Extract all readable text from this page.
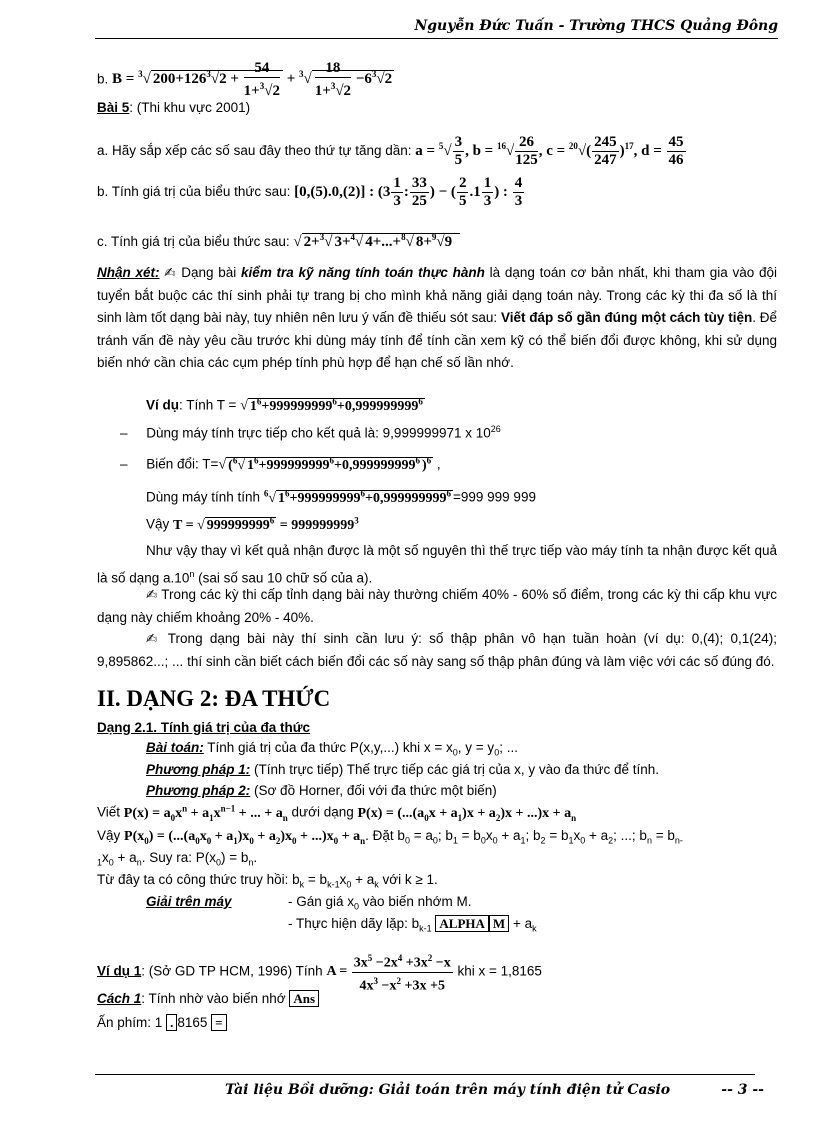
Nguyễn Đức Tuấn - Trường THCS Quảng Đông
b. B = $^3$√ $200+126^3√2 + \frac{54}{1+^3√2} + ^3√ \frac{18}{1+^3√2} -6^3√2$
Bài 5: (Thi khu vực 2001)
a. Hãy sắp xếp các số sau đây theo thứ tự tăng dần: $a = ^5√ \frac{3}{5}$ , $b = ^{16}√ \frac{26}{125}$ , $c = ^{20}√( \frac{245}{247} )^{17}$, $d = \frac{45}{46}$
b. Tính giá trị của biểu thức sau: [0,(5).0,(2)] : ($3 \frac{1}{3}$ : $\frac{33}{25}$ ) − ( $\frac{2}{5} .1 \frac{1}{3}$ ) : $\frac{4}{3}$
c. Tính giá trị của biểu thức sau: √ 2+$^3$√ 3+$^4$√ 4+...+$^8$√ 8+$^9$√9
Nhận xét: ✍ Dạng bài kiểm tra kỹ năng tính toán thực hành là dạng toán cơ bản nhất, khi tham gia vào đội tuyển bắt buộc các thí sinh phải tự trang bị cho mình khả năng giải dạng toán này. Trong các kỳ thi đa số là thí sinh làm tốt dạng bài này, tuy nhiên nên lưu ý vấn đề thiếu sót sau: Viết đáp số gần đúng một cách tùy tiện. Để tránh vấn đề này yêu cầu trước khi dùng máy tính để tính cần xem kỹ có thể biến đổi được không, khi sử dụng biến nhớ cần chia các cụm phép tính phù hợp để hạn chế số lần nhớ.
Ví dụ: Tính T = √ $1^6+999999999^6+0,999999999^6$
–     Dùng máy tính trực tiếp cho kết quả là: 9,999999971 x $10^{26}$
–     Biến đổi: T=√ ($^6$√ $1^6+999999999^6+0,999999999^6$ )$^6$ ,
Dùng máy tính tính $^6$√ $1^6+999999999^6+0,999999999^6 =999$ 999 999
Vậy T = √ $999999999^6 = 999999999^3$
Như vậy thay vì kết quả nhận được là một số nguyên thì thế trực tiếp vào máy tính ta nhận được kết quả là số dạng a.10$^n$ (sai số sau 10 chữ số của a).
✍ Trong các kỳ thi cấp tỉnh dạng bài này thường chiếm 40% - 60% số điểm, trong các kỳ thi cấp khu vực dạng này chiếm khoảng 20% - 40%.
✍ Trong dạng bài này thí sinh cần lưu ý: số thập phân vô hạn tuần hoàn (ví dụ: 0,(4); 0,1(24); 9,895862...; ... thí sinh cần biết cách biến đổi các số này sang số thập phân đúng và làm việc với các số đúng đó.
II. DẠNG 2: ĐA THỨC
Dạng 2.1. Tính giá trị của đa thức
Bài toán: Tính giá trị của đa thức P(x,y,...) khi $x = x_0$, $y = y_0$; ...
Phương pháp 1: (Tính trực tiếp) Thế trực tiếp các giá trị của x, y vào đa thức để tính.
Phương pháp 2: (Sơ đồ Horner, đối với đa thức một biến)
Viết $P(x) = a_0x^n + a_1x^{n-1}$ + ... + $a_n$ dưới dạng $P(x) = (...(a_0x + a_1)x + a_2)x + ...)x + a_n$
Vậy $P(x_0) = (...(a_0x_0 + a_1)x_0 + a_2)x_0 + ...)x_0 + a_n$. Đặt $b_0 = a_0$; $b_1 = b_0x_0 + a_1$; $b_2 = b_1x_0 + a_2$; ...; $b_n = b_{n-}$
$_1x_0 + a_n$. Suy ra: $P(x_0) = b_n$.
Từ đây ta có công thức truy hồi: $b_k = b_{k-1}x_0 + a_k$ với k ≥ 1.
Giải trên máy	- Gán giá $x_0$ vào biến nhớm M.
- Thực hiện dãy lặp: $b_{k-1}$ ALPHA $M + a_k$
Ví dụ 1: (Sở GD TP HCM, 1996) Tính $A = \frac{3x^5 -2x^4 +3x^2 -x}{4x^3 -x^2 +3x +5}$ khi x = 1,8165
Cách 1: Tính nhờ vào biến nhớ Ans
Ấn phím: 1 . 8165 =
Tài liệu Bồi dưỡng: Giải toán trên máy tính điện tử Casio	-- 3 --
